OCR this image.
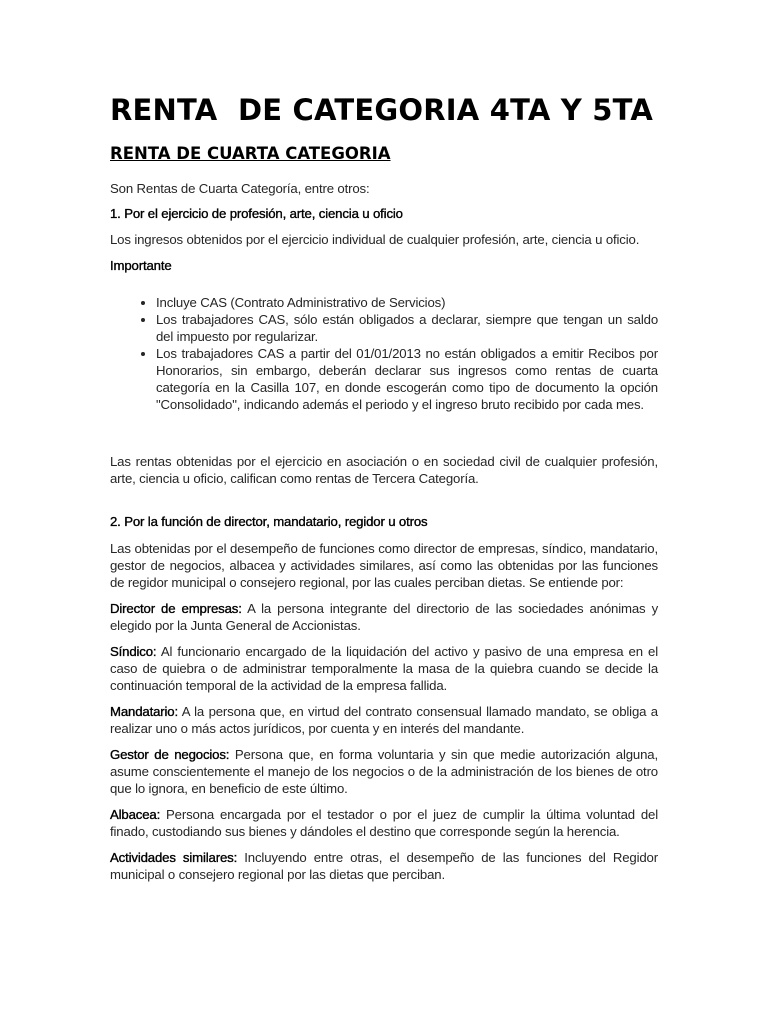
RENTA  DE CATEGORIA 4TA Y 5TA
RENTA DE CUARTA CATEGORIA

Son Rentas de Cuarta Categoría, entre otros:

1. Por el ejercicio de profesión, arte, ciencia u oficio

Los ingresos obtenidos por el ejercicio individual de cualquier profesión, arte, ciencia u oficio.

Importante

• Incluye CAS (Contrato Administrativo de Servicios)
• Los trabajadores CAS, sólo están obligados a declarar, siempre que tengan un saldo del impuesto por regularizar.
• Los trabajadores CAS a partir del 01/01/2013 no están obligados a emitir Recibos por Honorarios, sin embargo, deberán declarar sus ingresos como rentas de cuarta categoría en la Casilla 107, en donde escogerán como tipo de documento la opción "Consolidado", indicando además el periodo y el ingreso bruto recibido por cada mes.

Las rentas obtenidas por el ejercicio en asociación o en sociedad civil de cualquier profesión, arte, ciencia u oficio, califican como rentas de Tercera Categoría.

2. Por la función de director, mandatario, regidor u otros

Las obtenidas por el desempeño de funciones como director de empresas, síndico, mandatario, gestor de negocios, albacea y actividades similares, así como las obtenidas por las funciones de regidor municipal o consejero regional, por las cuales perciban dietas. Se entiende por:

Director de empresas: A la persona integrante del directorio de las sociedades anónimas y elegido por la Junta General de Accionistas.

Síndico: Al funcionario encargado de la liquidación del activo y pasivo de una empresa en el caso de quiebra o de administrar temporalmente la masa de la quiebra cuando se decide la continuación temporal de la actividad de la empresa fallida.

Mandatario: A la persona que, en virtud del contrato consensual llamado mandato, se obliga a realizar uno o más actos jurídicos, por cuenta y en interés del mandante.

Gestor de negocios: Persona que, en forma voluntaria y sin que medie autorización alguna, asume conscientemente el manejo de los negocios o de la administración de los bienes de otro que lo ignora, en beneficio de este último.

Albacea: Persona encargada por el testador o por el juez de cumplir la última voluntad del finado, custodiando sus bienes y dándoles el destino que corresponde según la herencia.

Actividades similares: Incluyendo entre otras, el desempeño de las funciones del Regidor municipal o consejero regional por las dietas que perciban.
